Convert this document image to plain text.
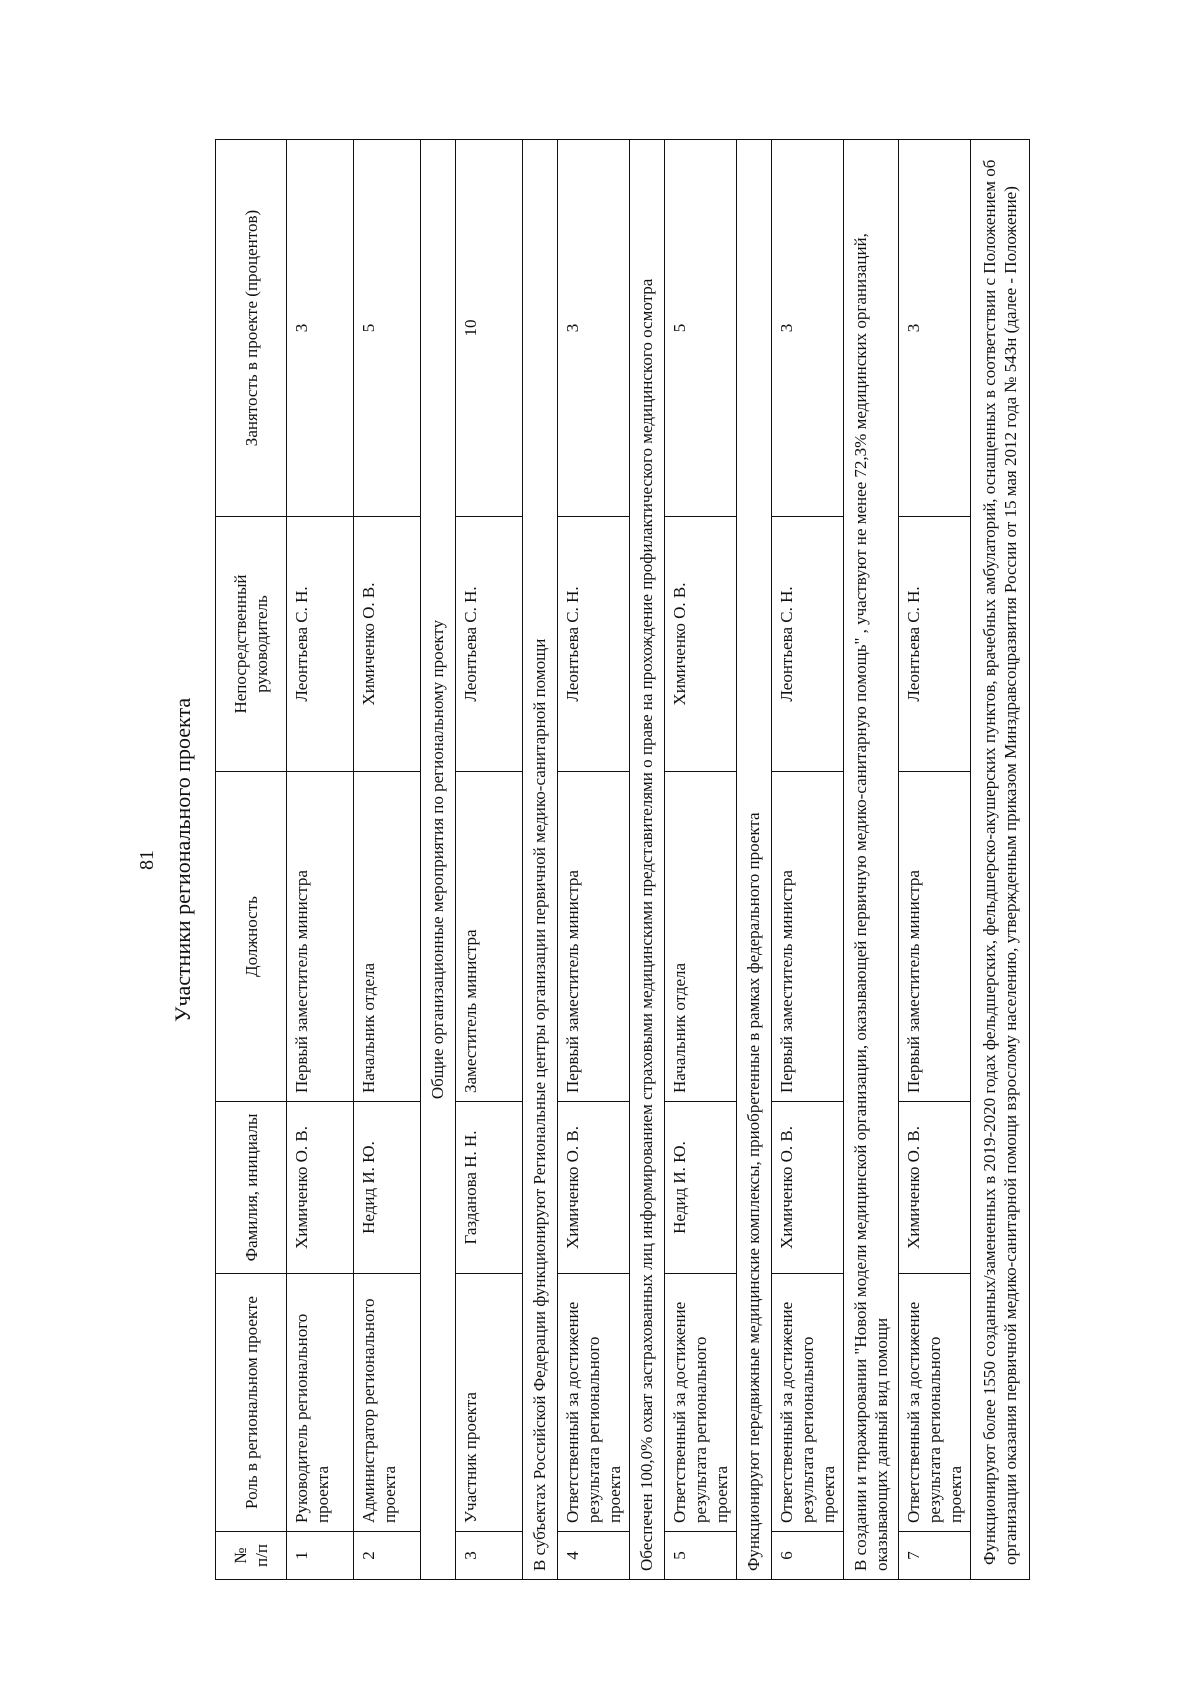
81 Участники регионального проекта
№ п/п	Роль в региональном проекте	Фамилия, инициалы	Должность	Непосредственный руководитель	Занятость в проекте (процентов)
1	Руководитель регионального проекта	Химиченко О. В.	Первый заместитель министра	Леонтьева С. Н.	3
2	Администратор регионального проекта	Недид И. Ю.	Начальник отдела	Химиченко О. В.	5
Общие организационные мероприятия по региональному проекту					
3	Участник проекта	Газданова Н. Н.	Заместитель министра	Леонтьева С. Н.	10
В субъектах Российской Федерации функционируют Региональные центры организации первичной медико-санитарной помощи					
4	Ответственный за достижение результата регионального проекта	Химиченко О. В.	Первый заместитель министра	Леонтьева С. Н.	3
Обеспечен 100,0% охват застрахованных лиц информированием страховыми медицинскими представителями о праве на прохождение профилактического медицинского осмотра					
5	Ответственный за достижение результата регионального проекта	Недид И. Ю.	Начальник отдела	Химиченко О. В.	5
Функционируют передвижные медицинские комплексы, приобретенные в рамках федерального проекта					
6	Ответственный за достижение результата регионального проекта	Химиченко О. В.	Первый заместитель министра	Леонтьева С. Н.	3
В создании и тиражировании "Новой модели медицинской организации, оказывающей первичную медико-санитарную помощь" , участвуют не менее 72,3% медицинских организаций, оказывающих данный вид помощи					
7	Ответственный за достижение результата регионального проекта	Химиченко О. В.	Первый заместитель министра	Леонтьева С. Н.	3
Функционируют более 1550 созданных/замененных в 2019-2020 годах фельдшерских, фельдшерско-акушерских пунктов, врачебных амбулаторий, оснащенных в соответствии с Положением об организации оказания первичной медико-санитарной помощи взрослому населению, утвержденным приказом Минздравсоцразвития России от 15 мая 2012 года № 543н (далее - Положение)					
